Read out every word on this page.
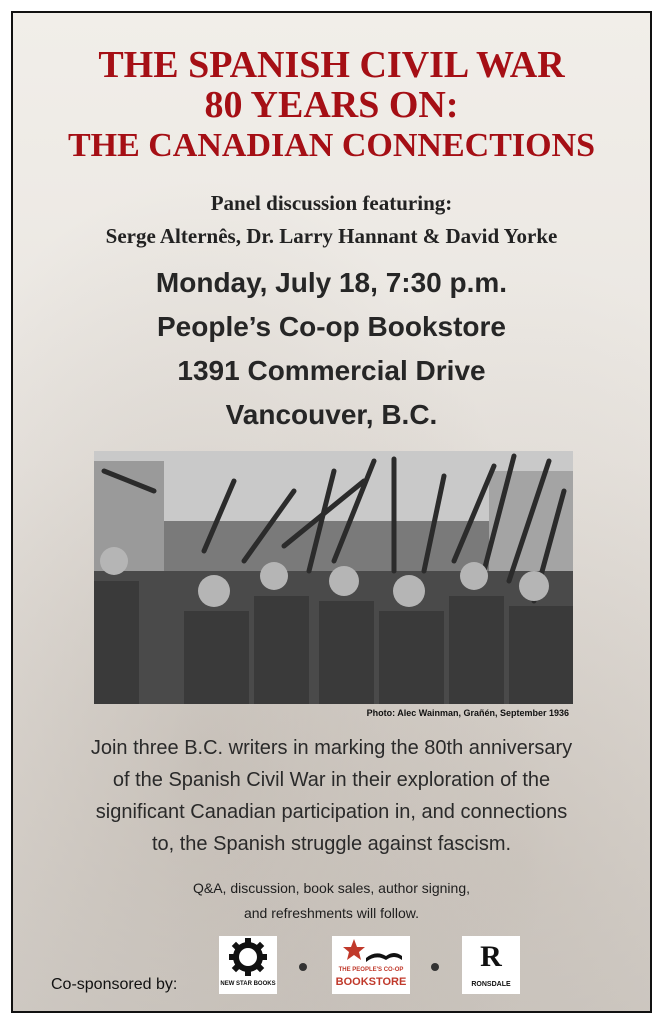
THE SPANISH CIVIL WAR
80 YEARS ON:
THE CANADIAN CONNECTIONS
Panel discussion featuring:
Serge Alternês, Dr. Larry Hannant & David Yorke
Monday, July 18, 7:30 p.m.
People’s Co-op Bookstore
1391 Commercial Drive
Vancouver, B.C.
Photo: Alec Wainman, Grañén, September 1936
Join three B.C. writers in marking the 80th anniversary
of the Spanish Civil War in their exploration of the
significant Canadian participation in, and connections
to, the Spanish struggle against fascism.
Q&A, discussion, book sales, author signing,
and refreshments will follow.
Co-sponsored by:	NEW STAR BOOKS
THE PEOPLE'S CO-OP
BOOKSTORE
R
RONSDALE
